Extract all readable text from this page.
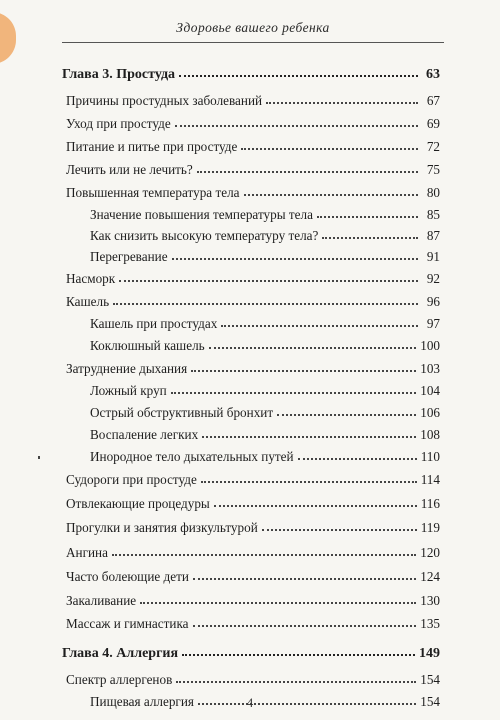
Здоровье вашего ребенка
Глава 3. Простуда	63
Причины простудных заболеваний	67
Уход при простуде	69
Питание и питье при простуде	72
Лечить или не лечить?	75
Повышенная температура тела	80
Значение повышения температуры тела	85
Как снизить высокую температуру тела?	87
Перегревание	91
Насморк	92
Кашель	96
Кашель при простудах	97
Коклюшный кашель	100
Затруднение дыхания	103
Ложный круп	104
Острый обструктивный бронхит	106
Воспаление легких	108
Инородное тело дыхательных путей	110
Судороги при простуде	114
Отвлекающие процедуры	116
Прогулки и занятия физкультурой	119
Ангина	120
Часто болеющие дети	124
Закаливание	130
Массаж и гимнастика	135
Глава 4. Аллергия	149
Спектр аллергенов	154
Пищевая аллергия	154
4
